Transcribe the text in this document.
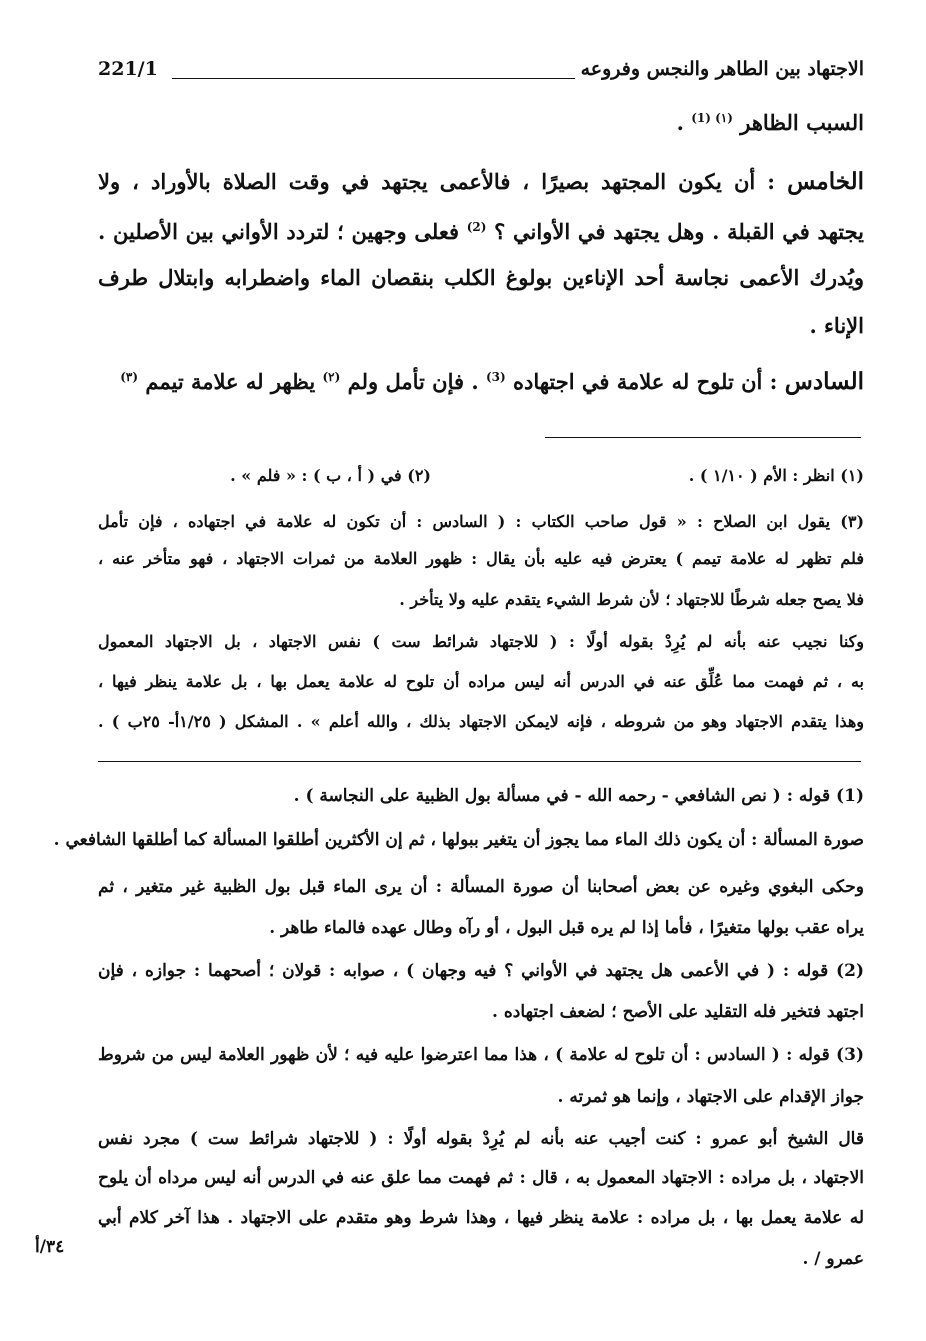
الاجتهاد بين الطاهر والنجس وفروعه
221/1
السبب الظاهر $^{(١) (1)}$ .
الخامس : أن يكون المجتهد بصيرًا ، فالأعمى يجتهد في وقت الصلاة بالأوراد ، ولا
يجتهد في القبلة . وهل يجتهد في الأواني ؟ $^{(2)}$ فعلى وجهين ؛ لتردد الأواني بين الأصلين .
ويُدرك الأعمى نجاسة أحد الإناءين بولوغ الكلب بنقصان الماء واضطرابه وابتلال طرف
الإناء .
السادس : أن تلوح له علامة في اجتهاده $^{(3)}$ . فإن تأمل ولم $^{(٢)}$ يظهر له علامة تيمم $^{(٣)}$
(١) انظر : الأم ( ١/١٠ ) .
(٢) في ( أ ، ب ) : « فلم » .
(٣) يقول ابن الصلاح : « قول صاحب الكتاب : ( السادس : أن تكون له علامة في اجتهاده ، فإن تأمل
فلم تظهر له علامة تيمم ) يعترض فيه عليه بأن يقال : ظهور العلامة من ثمرات الاجتهاد ، فهو متأخر عنه ،
فلا يصح جعله شرطًا للاجتهاد ؛ لأن شرط الشيء يتقدم عليه ولا يتأخر .
وكنا نجيب عنه بأنه لم يُرِدْ بقوله أولًا : ( للاجتهاد شرائط ست ) نفس الاجتهاد ، بل الاجتهاد المعمول
به ، ثم فهمت مما عُلِّق عنه في الدرس أنه ليس مراده أن تلوح له علامة يعمل بها ، بل علامة ينظر فيها ،
وهذا يتقدم الاجتهاد وهو من شروطه ، فإنه لايمكن الاجتهاد بذلك ، والله أعلم » . المشكل ( ١/٢٥أ- ٢٥ب ) .
(1) قوله : ( نص الشافعي - رحمه الله - في مسألة بول الظبية على النجاسة ) .
صورة المسألة : أن يكون ذلك الماء مما يجوز أن يتغير ببولها ، ثم إن الأكثرين أطلقوا المسألة كما أطلقها الشافعي .
وحكى البغوي وغيره عن بعض أصحابنا أن صورة المسألة : أن يرى الماء قبل بول الظبية غير متغير ، ثم
يراه عقب بولها متغيرًا ، فأما إذا لم يره قبل البول ، أو رآه وطال عهده فالماء طاهر .
(2) قوله : ( في الأعمى هل يجتهد في الأواني ؟ فيه وجهان ) ، صوابه : قولان ؛ أصحهما : جوازه ، فإن
اجتهد فتخير فله التقليد على الأصح ؛ لضعف اجتهاده .
(3) قوله : ( السادس : أن تلوح له علامة ) ، هذا مما اعترضوا عليه فيه ؛ لأن ظهور العلامة ليس من شروط
جواز الإقدام على الاجتهاد ، وإنما هو ثمرته .
قال الشيخ أبو عمرو : كنت أجيب عنه بأنه لم يُرِدْ بقوله أولًا : ( للاجتهاد شرائط ست ) مجرد نفس
الاجتهاد ، بل مراده : الاجتهاد المعمول به ، قال : ثم فهمت مما علق عنه في الدرس أنه ليس مرداه أن يلوح
له علامة يعمل بها ، بل مراده : علامة ينظر فيها ، وهذا شرط وهو متقدم على الاجتهاد . هذا آخر كلام أبي
عمرو / .
٣٤/أ
